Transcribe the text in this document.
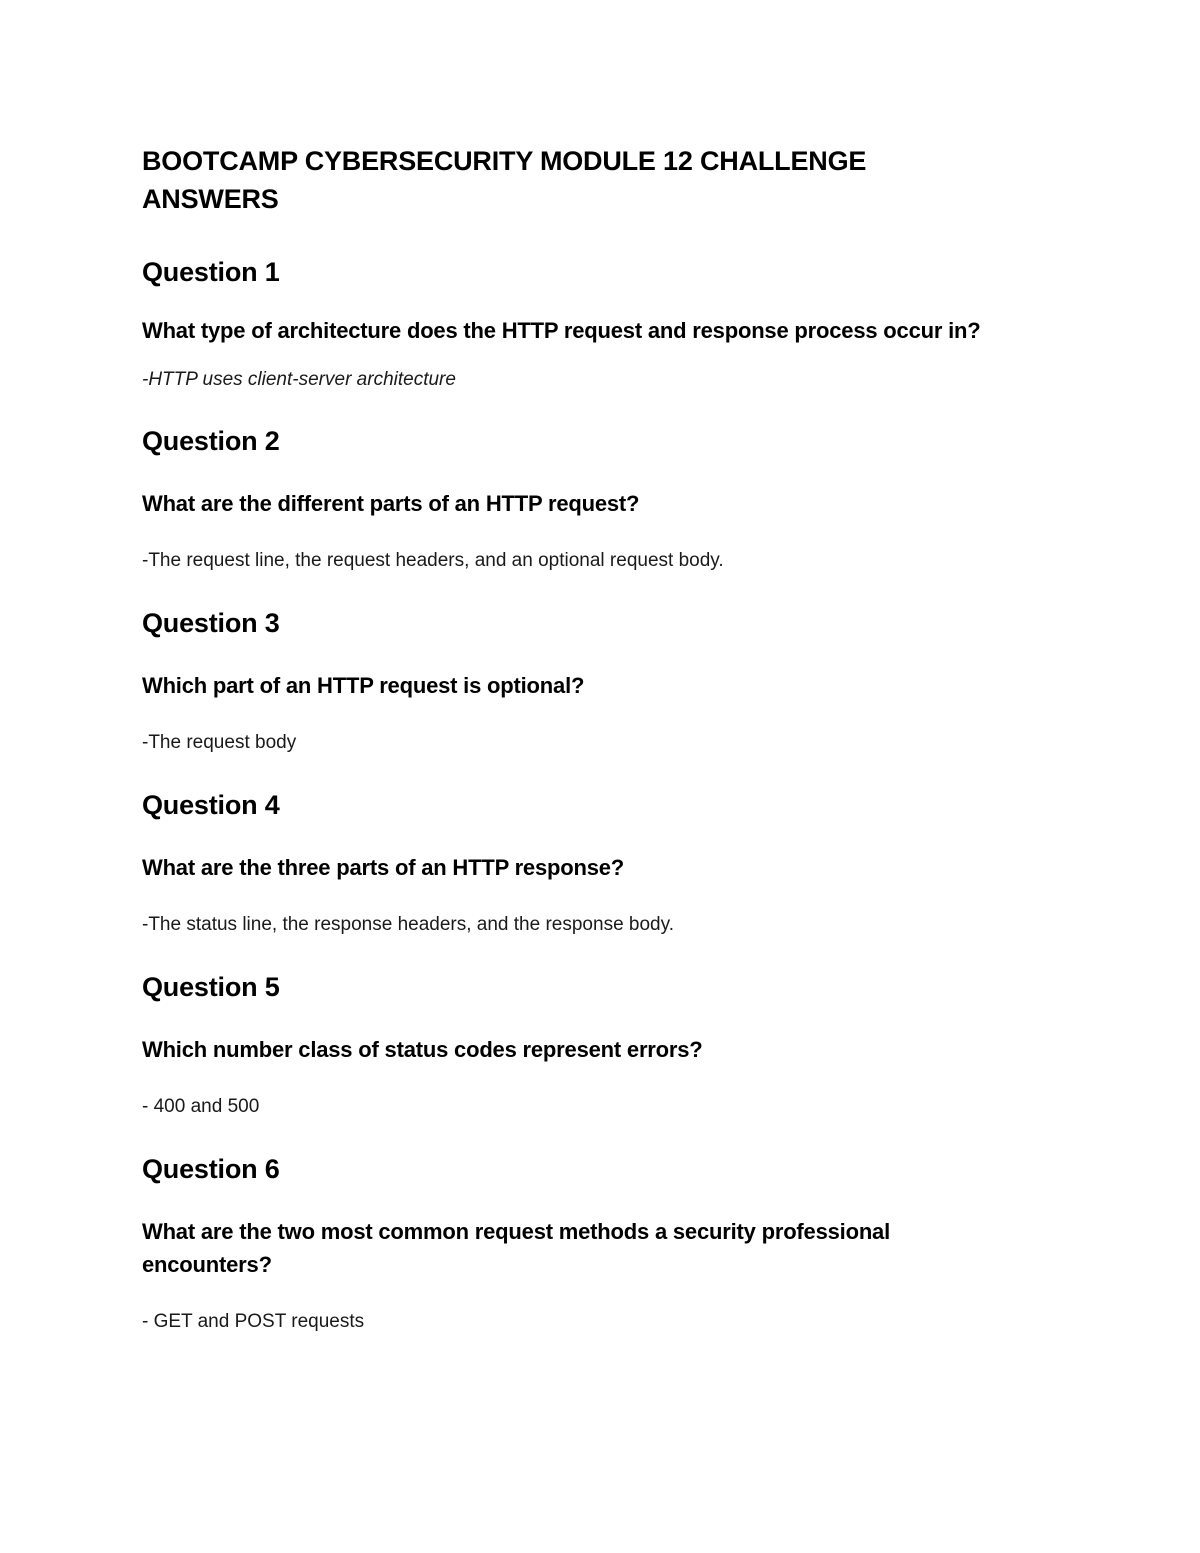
BOOTCAMP CYBERSECURITY MODULE 12 CHALLENGE ANSWERS
Question 1

What type of architecture does the HTTP request and response process occur in?

-HTTP uses client-server architecture

Question 2

What are the different parts of an HTTP request?

-The request line, the request headers, and an optional request body.

Question 3

Which part of an HTTP request is optional?

-The request body

Question 4

What are the three parts of an HTTP response?

-The status line, the response headers, and the response body.

Question 5

Which number class of status codes represent errors?

- 400 and 500

Question 6

What are the two most common request methods a security professional encounters?

- GET and POST requests
